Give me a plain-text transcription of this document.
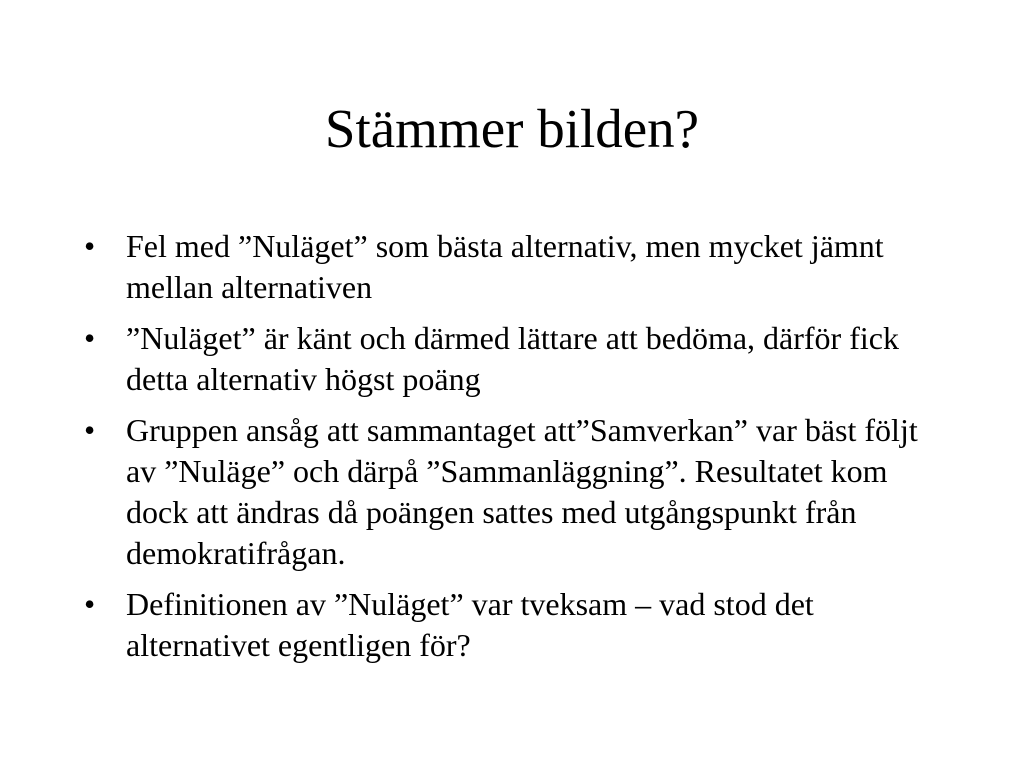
Stämmer bilden?
• Fel med ”Nuläget” som bästa alternativ, men mycket jämnt mellan alternativen
• ”Nuläget” är känt och därmed lättare att bedöma, därför fick detta alternativ högst poäng
• Gruppen ansåg att sammantaget att”Samverkan” var bäst följt av ”Nuläge” och därpå ”Sammanläggning”. Resultatet kom dock att ändras då poängen sattes med utgångspunkt från demokratifrågan.
• Definitionen av ”Nuläget” var tveksam – vad stod det alternativet egentligen för?
